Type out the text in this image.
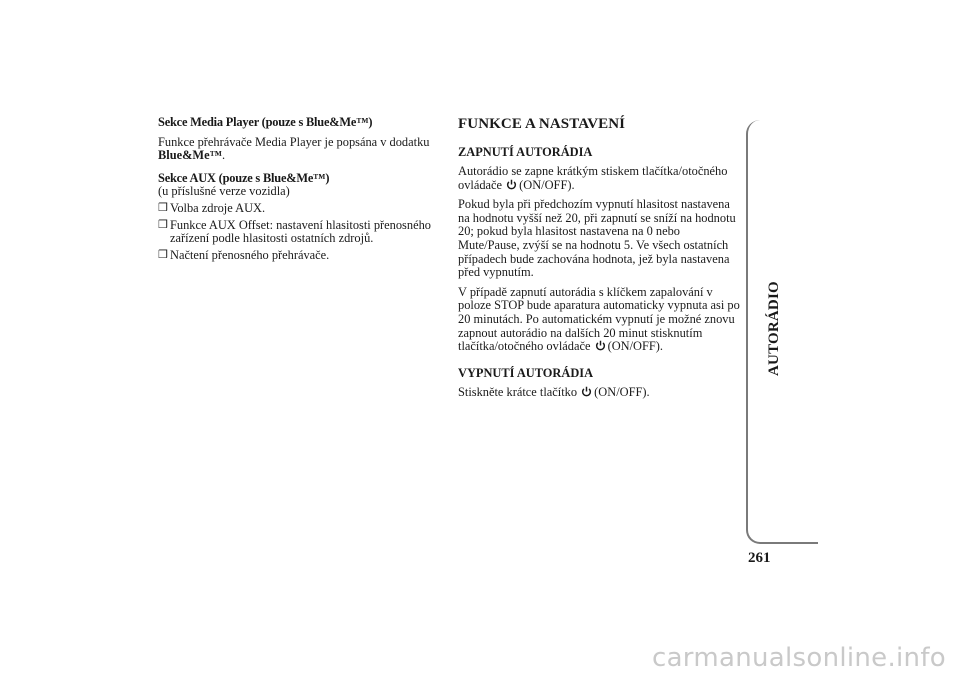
Sekce Media Player (pouze s Blue&Me™)

Funkce přehrávače Media Player je popsána v dodatku Blue&Me™.

Sekce AUX (pouze s Blue&Me™)

(u příslušné verze vozidla)

❒ Volba zdroje AUX.
❒ Funkce AUX Offset: nastavení hlasitosti přenosného zařízení podle hlasitosti ostatních zdrojů.
❒ Načtení přenosného přehrávače.
FUNKCE A NASTAVENÍ
ZAPNUTÍ AUTORÁDIA

Autorádio se zapne krátkým stiskem tlačítka/otočného ovládače (ON/OFF).

Pokud byla při předchozím vypnutí hlasitost nastavena na hodnotu vyšší než 20, při zapnutí se sníží na hodnotu 20; pokud byla hlasitost nastavena na 0 nebo Mute/Pause, zvýší se na hodnotu 5. Ve všech ostatních případech bude zachována hodnota, jež byla nastavena před vypnutím.

V případě zapnutí autorádia s klíčkem zapalování v poloze STOP bude aparatura automaticky vypnuta asi po 20 minutách. Po automatickém vypnutí je možné znovu zapnout autorádio na dalších 20 minut stisknutím tlačítka/otočného ovládače (ON/OFF).

VYPNUTÍ AUTORÁDIA

Stiskněte krátce tlačítko (ON/OFF).

AUTORÁDIO
261
carmanualsonline.info
